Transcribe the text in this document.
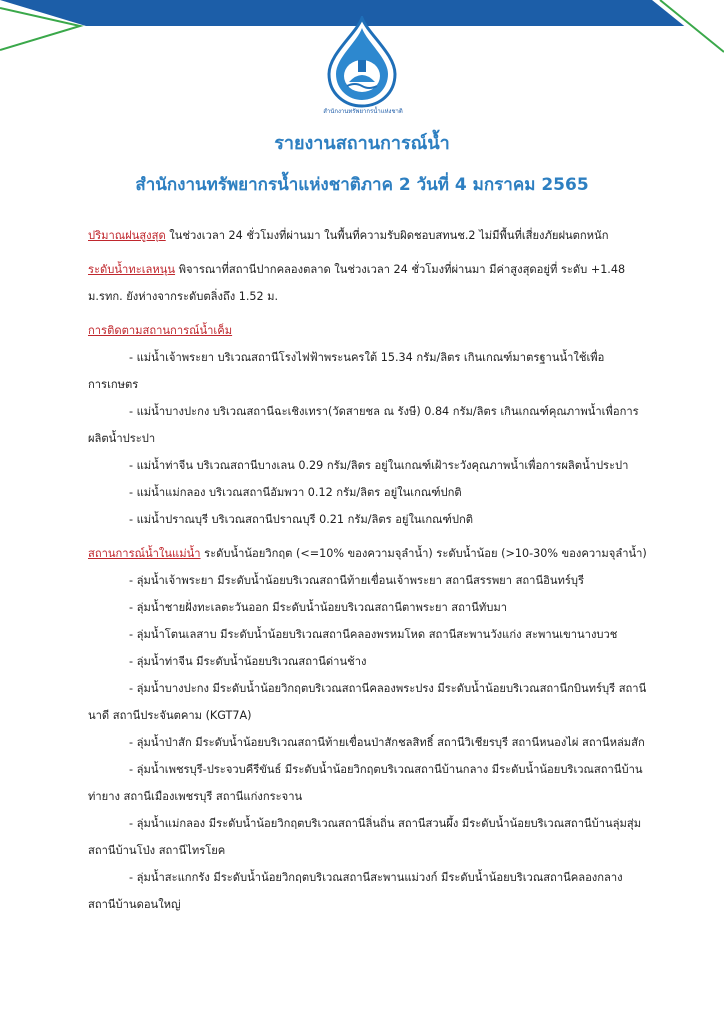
สำนักงานทรัพยากรน้ำแห่งชาติ
รายงานสถานการณ์น้ำ
สำนักงานทรัพยากรน้ำแห่งชาติภาค 2 วันที่ 4 มกราคม 2565

ปริมาณฝนสูงสุด ในช่วงเวลา 24 ชั่วโมงที่ผ่านมา ในพื้นที่ความรับผิดชอบสทนช.2 ไม่มีพื้นที่เสี่ยงภัยฝนตกหนัก

ระดับน้ำทะเลหนุน พิจารณาที่สถานีปากคลองตลาด ในช่วงเวลา 24 ชั่วโมงที่ผ่านมา มีค่าสูงสุดอยู่ที่ ระดับ +1.48 ม.รทก. ยังห่างจากระดับตลิ่งถึง 1.52 ม.

การติดตามสถานการณ์น้ำเค็ม

- แม่น้ำเจ้าพระยา บริเวณสถานีโรงไฟฟ้าพระนครใต้ 15.34 กรัม/ลิตร เกินเกณฑ์มาตรฐานน้ำใช้เพื่อการเกษตร

- แม่น้ำบางปะกง บริเวณสถานีฉะเชิงเทรา(วัดสายชล ณ รังษี) 0.84 กรัม/ลิตร เกินเกณฑ์คุณภาพน้ำเพื่อการผลิตน้ำประปา

- แม่น้ำท่าจีน บริเวณสถานีบางเลน 0.29 กรัม/ลิตร อยู่ในเกณฑ์เฝ้าระวังคุณภาพน้ำเพื่อการผลิตน้ำประปา

- แม่น้ำแม่กลอง บริเวณสถานีอัมพวา 0.12 กรัม/ลิตร อยู่ในเกณฑ์ปกติ

- แม่น้ำปราณบุรี บริเวณสถานีปราณบุรี 0.21 กรัม/ลิตร อยู่ในเกณฑ์ปกติ

สถานการณ์น้ำในแม่น้ำ ระดับน้ำน้อยวิกฤต (<=10% ของความจุลำน้ำ) ระดับน้ำน้อย (>10-30% ของความจุลำน้ำ)

- ลุ่มน้ำเจ้าพระยา มีระดับน้ำน้อยบริเวณสถานีท้ายเขื่อนเจ้าพระยา สถานีสรรพยา สถานีอินทร์บุรี

- ลุ่มน้ำชายฝั่งทะเลตะวันออก มีระดับน้ำน้อยบริเวณสถานีตาพระยา สถานีทับมา

- ลุ่มน้ำโตนเลสาบ มีระดับน้ำน้อยบริเวณสถานีคลองพรหมโหด สถานีสะพานวังแก่ง สะพานเขานางบวช

- ลุ่มน้ำท่าจีน มีระดับน้ำน้อยบริเวณสถานีด่านช้าง

- ลุ่มน้ำบางปะกง มีระดับน้ำน้อยวิกฤตบริเวณสถานีคลองพระปรง มีระดับน้ำน้อยบริเวณสถานีกบินทร์บุรี สถานีนาดี สถานีประจันตคาม (KGT7A)

- ลุ่มน้ำป่าสัก มีระดับน้ำน้อยบริเวณสถานีท้ายเขื่อนป่าสักชลสิทธิ์ สถานีวิเชียรบุรี สถานีหนองไผ่ สถานีหล่มสัก

- ลุ่มน้ำเพชรบุรี-ประจวบคีรีขันธ์ มีระดับน้ำน้อยวิกฤตบริเวณสถานีบ้านกลาง มีระดับน้ำน้อยบริเวณสถานีบ้านท่ายาง สถานีเมืองเพชรบุรี สถานีแก่งกระจาน

- ลุ่มน้ำแม่กลอง มีระดับน้ำน้อยวิกฤตบริเวณสถานีลิ่นถิ่น สถานีสวนผึ้ง มีระดับน้ำน้อยบริเวณสถานีบ้านลุ่มสุ่ม สถานีบ้านโป่ง สถานีไทรโยค

- ลุ่มน้ำสะแกกรัง มีระดับน้ำน้อยวิกฤตบริเวณสถานีสะพานแม่วงก์ มีระดับน้ำน้อยบริเวณสถานีคลองกลาง สถานีบ้านดอนใหญ่
